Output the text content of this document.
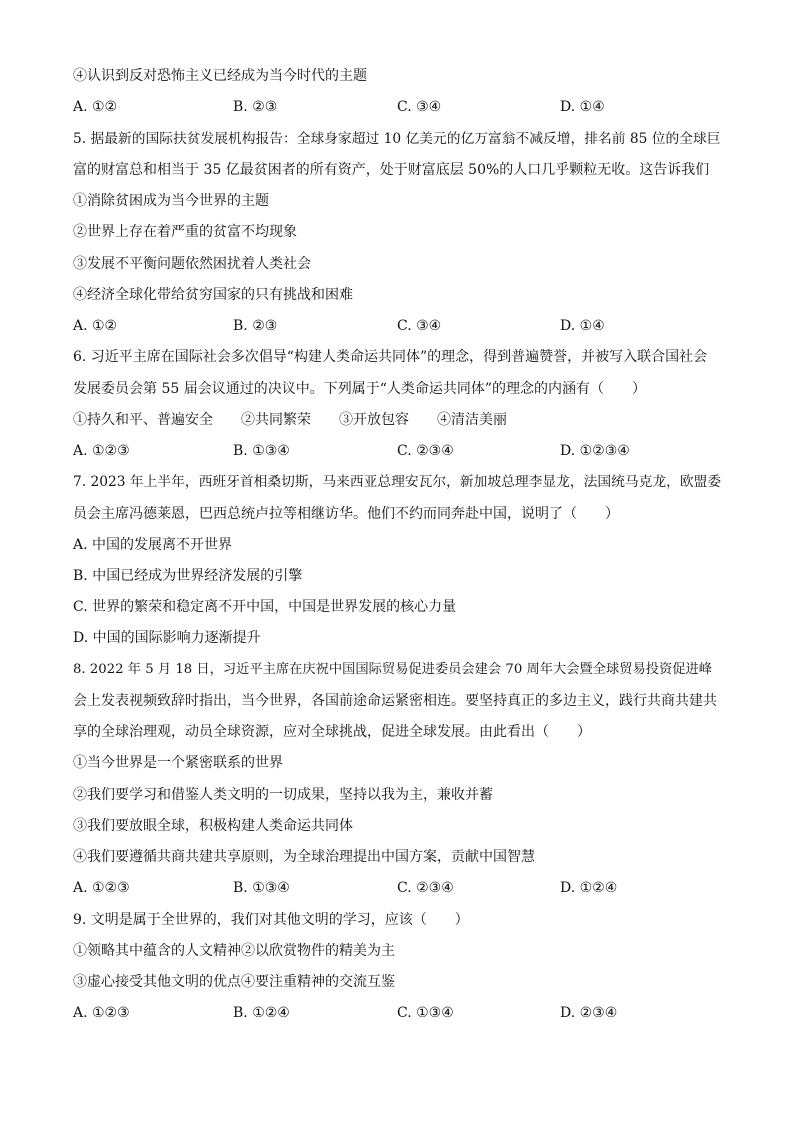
④认识到反对恐怖主义已经成为当今时代的主题
A. ①②	B. ②③	C. ③④	D. ①④
5. 据最新的国际扶贫发展机构报告：全球身家超过 10 亿美元的亿万富翁不减反增，排名前 85 位的全球巨
富的财富总和相当于 35 亿最贫困者的所有资产，处于财富底层 50%的人口几乎颗粒无收。这告诉我们
①消除贫困成为当今世界的主题
②世界上存在着严重的贫富不均现象
③发展不平衡问题依然困扰着人类社会
④经济全球化带给贫穷国家的只有挑战和困难
A. ①②	B. ②③	C. ③④	D. ①④
6. 习近平主席在国际社会多次倡导“构建人类命运共同体”的理念，得到普遍赞誉，并被写入联合国社会
发展委员会第 55 届会议通过的决议中。下列属于“人类命运共同体”的理念的内涵有（　　）
①持久和平、普遍安全　　②共同繁荣　　③开放包容　　④清洁美丽
A. ①②③	B. ①③④	C. ②③④	D. ①②③④
7. 2023 年上半年，西班牙首相桑切斯，马来西亚总理安瓦尔，新加坡总理李显龙，法国统马克龙，欧盟委
员会主席冯德莱恩，巴西总统卢拉等相继访华。他们不约而同奔赴中国，说明了（　　）
A. 中国的发展离不开世界
B. 中国已经成为世界经济发展的引擎
C. 世界的繁荣和稳定离不开中国，中国是世界发展的核心力量
D. 中国的国际影响力逐渐提升
8. 2022 年 5 月 18 日，习近平主席在庆祝中国国际贸易促进委员会建会 70 周年大会暨全球贸易投资促进峰
会上发表视频致辞时指出，当今世界，各国前途命运紧密相连。要坚持真正的多边主义，践行共商共建共
享的全球治理观，动员全球资源，应对全球挑战，促进全球发展。由此看出（　　）
①当今世界是一个紧密联系的世界
②我们要学习和借鉴人类文明的一切成果，坚持以我为主，兼收并蓄
③我们要放眼全球，积极构建人类命运共同体
④我们要遵循共商共建共享原则，为全球治理提出中国方案，贡献中国智慧
A. ①②③	B. ①③④	C. ②③④	D. ①②④
9. 文明是属于全世界的，我们对其他文明的学习，应该（　　）
①领略其中蕴含的人文精神②以欣赏物件的精美为主
③虚心接受其他文明的优点④要注重精神的交流互鉴
A. ①②③	B. ①②④	C. ①③④	D. ②③④
